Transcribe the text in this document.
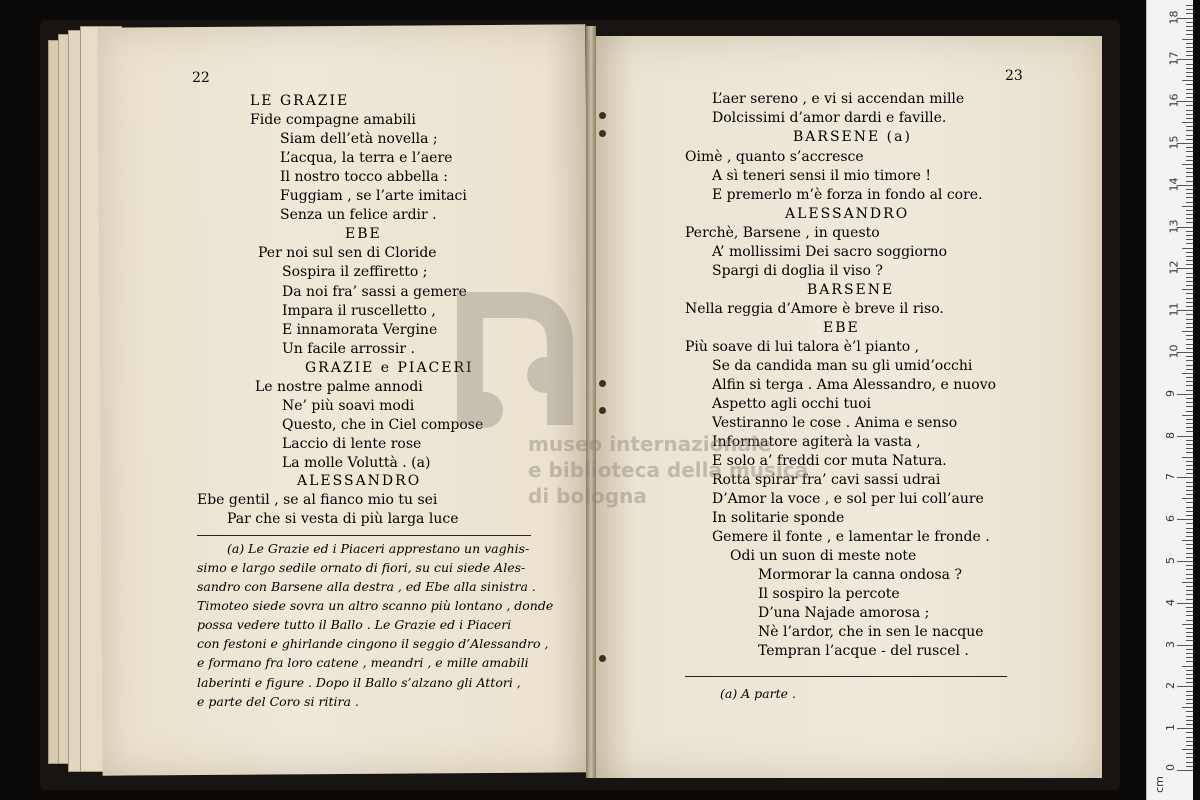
22	23
LE GRAZIE
Fide compagne amabili
Siam dell’età novella ;
L’acqua, la terra e l’aere
Il nostro tocco abbella :
Fuggiam , se l’arte imitaci
Senza un felice ardir .
EBE
Per noi sul sen di Cloride
Sospira il zeffiretto ;
Da noi fra’ sassi a gemere
Impara il ruscelletto ,
E innamorata Vergine
Un facile arrossir .
GRAZIE e PIACERI
Le nostre palme annodi
Ne’ più soavi modi
Questo, che in Ciel compose
Laccio di lente rose
La molle Voluttà . (a)
ALESSANDRO
Ebe gentil , se al fianco mio tu sei
Par che si vesta di più larga luce
(a) Le Grazie ed i Piaceri apprestano un vaghis-
simo e largo sedile ornato di fiori, su cui siede Ales-
sandro con Barsene alla destra , ed Ebe alla sinistra .
Timoteo siede sovra un altro scanno più lontano , donde
possa vedere tutto il Ballo . Le Grazie ed i Piaceri
con festoni e ghirlande cingono il seggio d’Alessandro ,
e formano fra loro catene , meandri , e mille amabili
laberinti e figure . Dopo il Ballo s’alzano gli Attori ,
e parte del Coro si ritira .
L’aer sereno , e vi si accendan mille
Dolcissimi d’amor dardi e faville.
BARSENE (a)
Oimè , quanto s’accresce
A sì teneri sensi il mio timore !
E premerlo m’è forza in fondo al core.
ALESSANDRO
Perchè, Barsene , in questo
A’ mollissimi Dei sacro soggiorno
Spargi di doglia il viso ?
BARSENE
Nella reggia d’Amore è breve il riso.
EBE
Più soave di lui talora è’l pianto ,
Se da candida man su gli umid’occhi
Alfin si terga . Ama Alessandro, e nuovo
Aspetto agli occhi tuoi
Vestiranno le cose . Anima e senso
Informatore agiterà la vasta ,
E solo a’ freddi cor muta Natura.
Rotta spirar fra’ cavi sassi udrai
D’Amor la voce , e sol per lui coll’aure
In solitarie sponde
Gemere il fonte , e lamentar le fronde .
Odi un suon di meste note
Mormorar la canna ondosa ?
Il sospiro la percote
D’una Najade amorosa ;
Nè l’ardor, che in sen le nacque
Tempran l’acque - del ruscel .
(a) A parte .
museo internazionale
e biblioteca della musica
di bologna
cm
0
1
2
3
4
5
6
7
8
9
10
11
12
13
14
15
16
17
18
